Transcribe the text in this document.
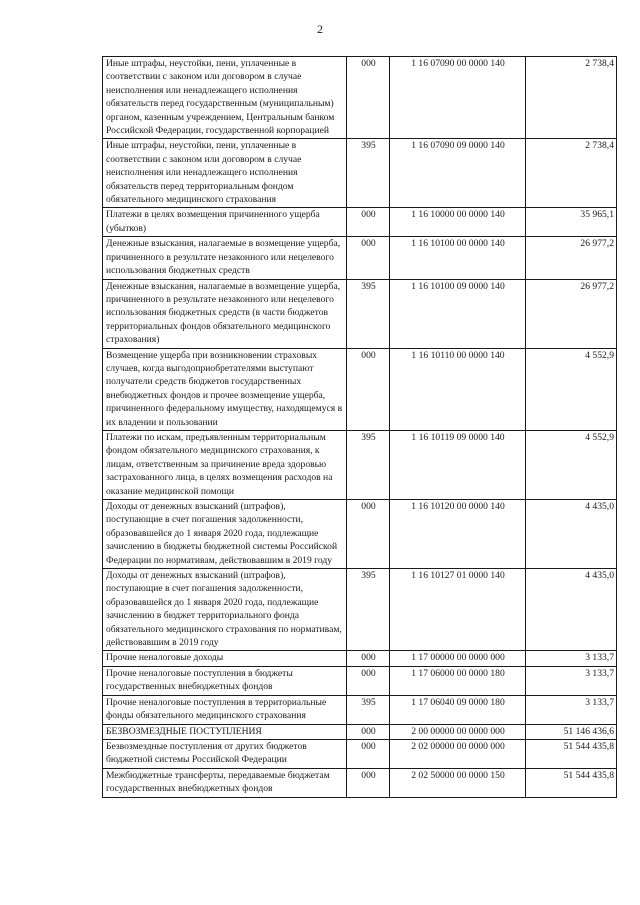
2
Иные штрафы, неустойки, пени, уплаченные в соответствии с законом или договором в случае неисполнения или ненадлежащего исполнения обязательств перед государственным (муниципальным) органом, казенным учреждением, Центральным банком Российской Федерации, государственной корпорацией	000	1 16 07090 00 0000 140	2 738,4
Иные штрафы, неустойки, пени, уплаченные в соответствии с законом или договором в случае неисполнения или ненадлежащего исполнения обязательств перед территориальным фондом обязательного медицинского страхования	395	1 16 07090 09 0000 140	2 738,4
Платежи в целях возмещения причиненного ущерба (убытков)	000	1 16 10000 00 0000 140	35 965,1
Денежные взыскания, налагаемые в возмещение ущерба, причиненного в результате незаконного или нецелевого использования бюджетных средств	000	1 16 10100 00 0000 140	26 977,2
Денежные взыскания, налагаемые в возмещение ущерба, причиненного в результате незаконного или нецелевого использования бюджетных средств (в части бюджетов территориальных фондов обязательного медицинского страхования)	395	1 16 10100 09 0000 140	26 977,2
Возмещение ущерба при возникновении страховых случаев, когда выгодоприобретателями выступают получатели средств бюджетов государственных внебюджетных фондов и прочее возмещение ущерба, причиненного федеральному имуществу, находящемуся в их владении и пользовании	000	1 16 10110 00 0000 140	4 552,9
Платежи по искам, предъявленным территориальным фондом обязательного медицинского страхования, к лицам, ответственным за причинение вреда здоровью застрахованного лица, в целях возмещения расходов на оказание медицинской помощи	395	1 16 10119 09 0000 140	4 552,9
Доходы от денежных взысканий (штрафов), поступающие в счет погашения задолженности, образовавшейся до 1 января 2020 года, подлежащие зачислению в бюджеты бюджетной системы Российской Федерации по нормативам, действовавшим в 2019 году	000	1 16 10120 00 0000 140	4 435,0
Доходы от денежных взысканий (штрафов), поступающие в счет погашения задолженности, образовавшейся до 1 января 2020 года, подлежащие зачислению в бюджет территориального фонда обязательного медицинского страхования по нормативам, действовавшим в 2019 году	395	1 16 10127 01 0000 140	4 435,0
Прочие неналоговые доходы	000	1 17 00000 00 0000 000	3 133,7
Прочие неналоговые поступления в бюджеты государственных внебюджетных фондов	000	1 17 06000 00 0000 180	3 133,7
Прочие неналоговые поступления в территориальные фонды обязательного медицинского страхования	395	1 17 06040 09 0000 180	3 133,7
БЕЗВОЗМЕЗДНЫЕ ПОСТУПЛЕНИЯ	000	2 00 00000 00 0000 000	51 146 436,6
Безвозмездные поступления от других бюджетов бюджетной системы Российской Федерации	000	2 02 00000 00 0000 000	51 544 435,8
Межбюджетные трансферты, передаваемые бюджетам государственных внебюджетных фондов	000	2 02 50000 00 0000 150	51 544 435,8
